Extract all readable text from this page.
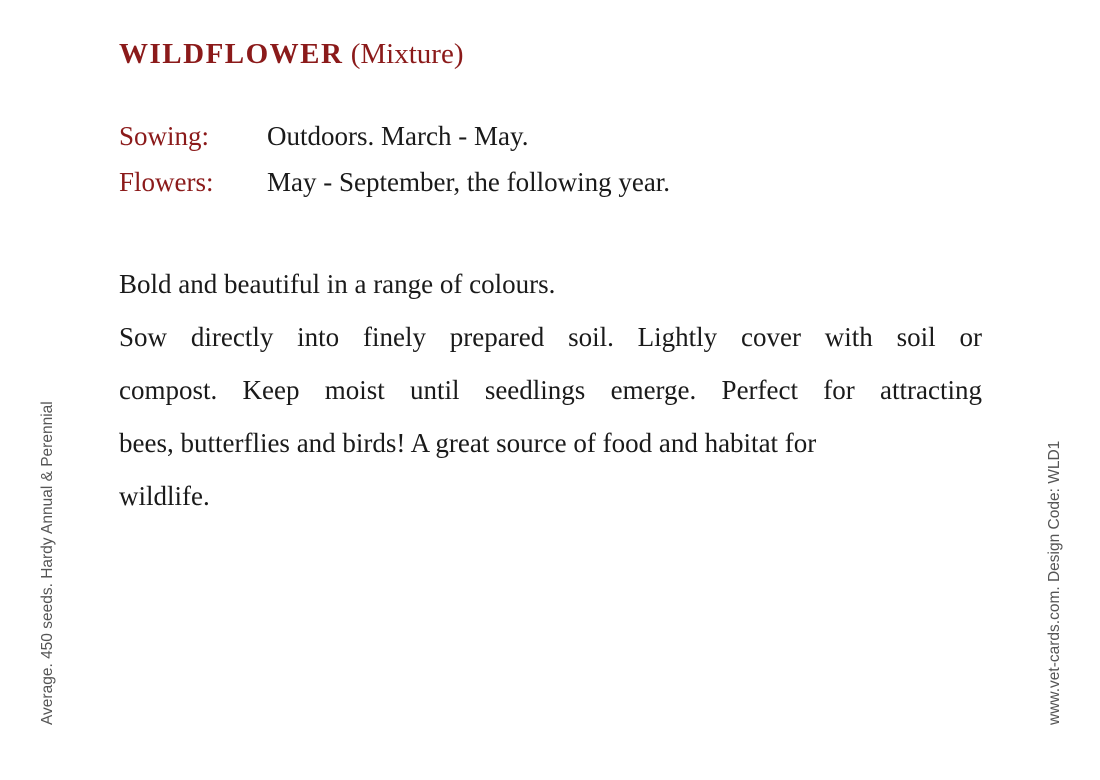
WILDFLOWER (Mixture)
Sowing: Outdoors. March - May.
Flowers: May - September, the following year.
Bold and beautiful in a range of colours.
Sow directly into finely prepared soil. Lightly cover with soil or
compost. Keep moist until seedlings emerge. Perfect for attracting
bees, butterflies and birds! A great source of food and habitat for
wildlife.
Average. 450 seeds. Hardy Annual & Perennial	www.vet-cards.com. Design Code: WLD1
